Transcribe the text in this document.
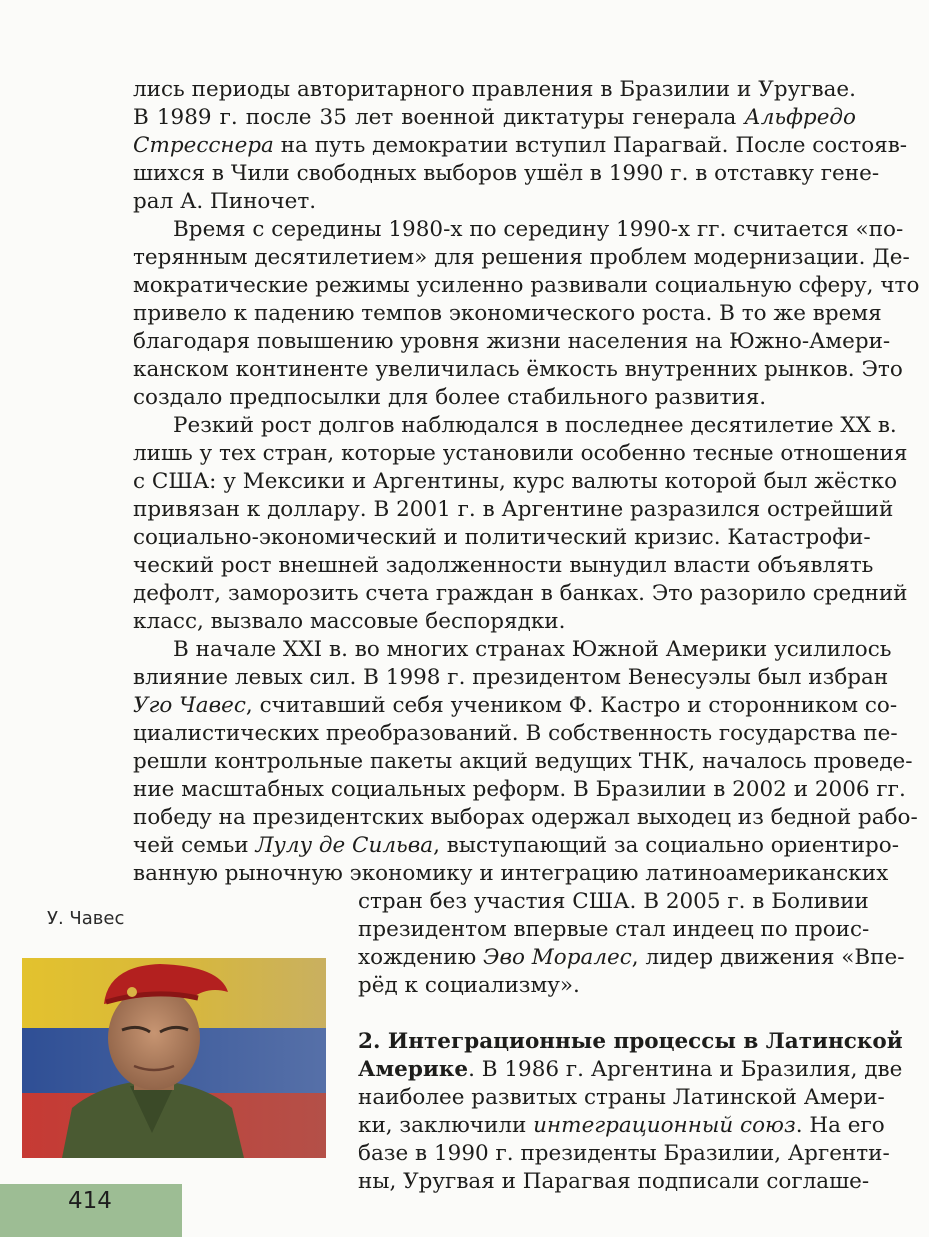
лись периоды авторитарного правления в Бразилии и Уругвае.
В 1989 г. после 35 лет военной диктатуры генерала Альфредо
Стресснера на путь демократии вступил Парагвай. После состояв-
шихся в Чили свободных выборов ушёл в 1990 г. в отставку гене-
рал А. Пиночет.
Время с середины 1980-х по середину 1990-х гг. считается «по-
терянным десятилетием» для решения проблем модернизации. Де-
мократические режимы усиленно развивали социальную сферу, что
привело к падению темпов экономического роста. В то же время
благодаря повышению уровня жизни населения на Южно-Амери-
канском континенте увеличилась ёмкость внутренних рынков. Это
создало предпосылки для более стабильного развития.
Резкий рост долгов наблюдался в последнее десятилетие XX в.
лишь у тех стран, которые установили особенно тесные отношения
с США: у Мексики и Аргентины, курс валюты которой был жёстко
привязан к доллару. В 2001 г. в Аргентине разразился острейший
социально-экономический и политический кризис. Катастрофи-
ческий рост внешней задолженности вынудил власти объявлять
дефолт, заморозить счета граждан в банках. Это разорило средний
класс, вызвало массовые беспорядки.
В начале XXI в. во многих странах Южной Америки усилилось
влияние левых сил. В 1998 г. президентом Венесуэлы был избран
Уго Чавес, считавший себя учеником Ф. Кастро и сторонником со-
циалистических преобразований. В собственность государства пе-
решли контрольные пакеты акций ведущих ТНК, началось проведе-
ние масштабных социальных реформ. В Бразилии в 2002 и 2006 гг.
победу на президентских выборах одержал выходец из бедной рабо-
чей семьи Лулу де Сильва, выступающий за социально ориентиро-
ванную рыночную экономику и интеграцию латиноамериканских
стран без участия США. В 2005 г. в Боливии
президентом впервые стал индеец по проис-
хождению Эво Моралес, лидер движения «Впе-
рёд к социализму».
2. Интеграционные процессы в Латинской
Америке. В 1986 г. Аргентина и Бразилия, две
наиболее развитых страны Латинской Амери-
ки, заключили интеграционный союз. На его
базе в 1990 г. президенты Бразилии, Аргенти-
ны, Уругвая и Парагвая подписали соглаше-
У. Чавес
414
